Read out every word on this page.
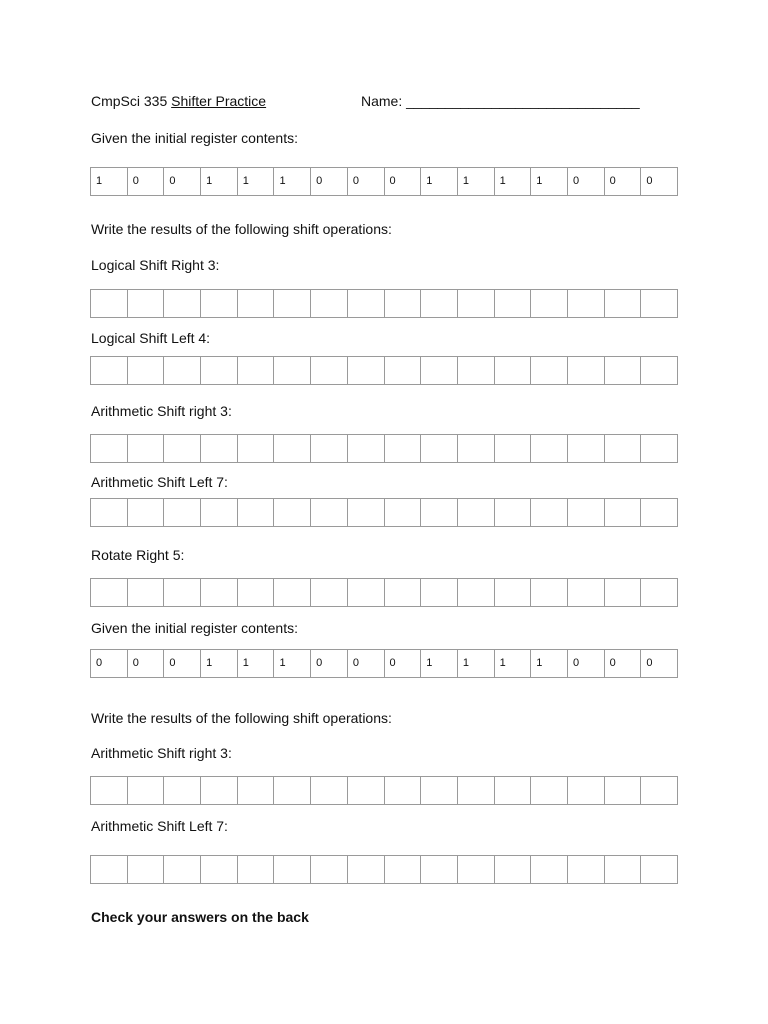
CmpSci 335 Shifter Practice	Name: ______________________________
Given the initial register contents:
1	0	0	1	1	1	0	0	0	1	1	1	1	0	0	0
Write the results of the following shift operations:
Logical Shift Right 3:
Logical Shift Left 4:
Arithmetic Shift right 3:
Arithmetic Shift Left 7:
Rotate Right 5:
Given the initial register contents:
0	0	0	1	1	1	0	0	0	1	1	1	1	0	0	0
Write the results of the following shift operations:
Arithmetic Shift right 3:
Arithmetic Shift Left 7:
Check your answers on the back
